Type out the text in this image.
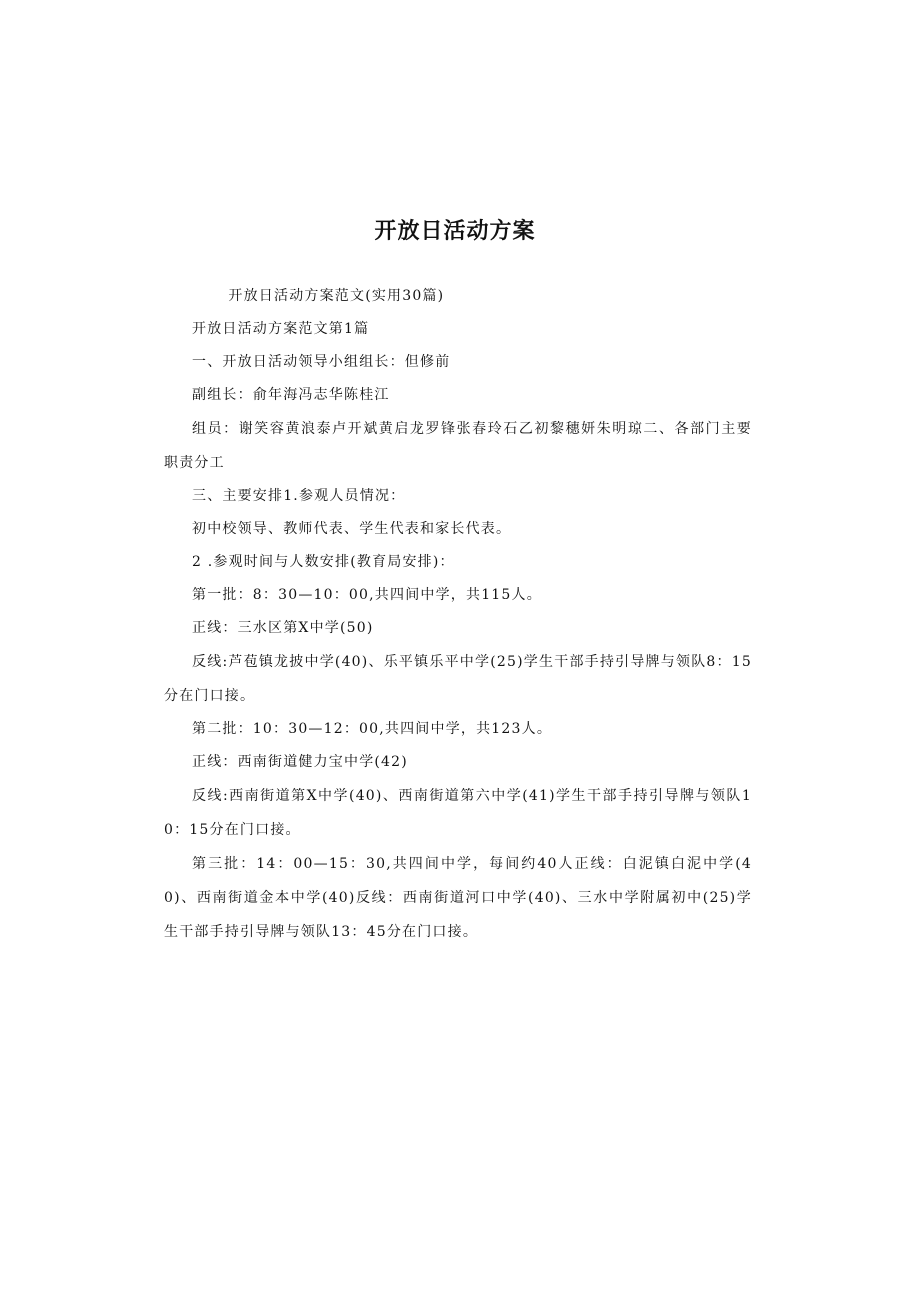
开放日活动方案

开放日活动方案范文(实用30篇)

开放日活动方案范文第1篇

一、开放日活动领导小组组长：但修前

副组长：俞年海冯志华陈桂江

组员：谢笑容黄浪泰卢开斌黄启龙罗锋张春玲石乙初黎穗妍朱明琼二、各部门主要职责分工

三、主要安排1.参观人员情况：

初中校领导、教师代表、学生代表和家长代表。

2 .参观时间与人数安排(教育局安排)：

第一批：8：30—10：00,共四间中学，共115人。

正线：三水区第X中学(50)

反线:芦苞镇龙披中学(40)、乐平镇乐平中学(25)学生干部手持引导牌与领队8：15分在门口接。

第二批：10：30—12：00,共四间中学，共123人。

正线：西南街道健力宝中学(42)

反线:西南街道第X中学(40)、西南街道第六中学(41)学生干部手持引导牌与领队10：15分在门口接。

第三批：14：00—15：30,共四间中学，每间约40人正线：白泥镇白泥中学(40)、西南街道金本中学(40)反线：西南街道河口中学(40)、三水中学附属初中(25)学生干部手持引导牌与领队13：45分在门口接。
